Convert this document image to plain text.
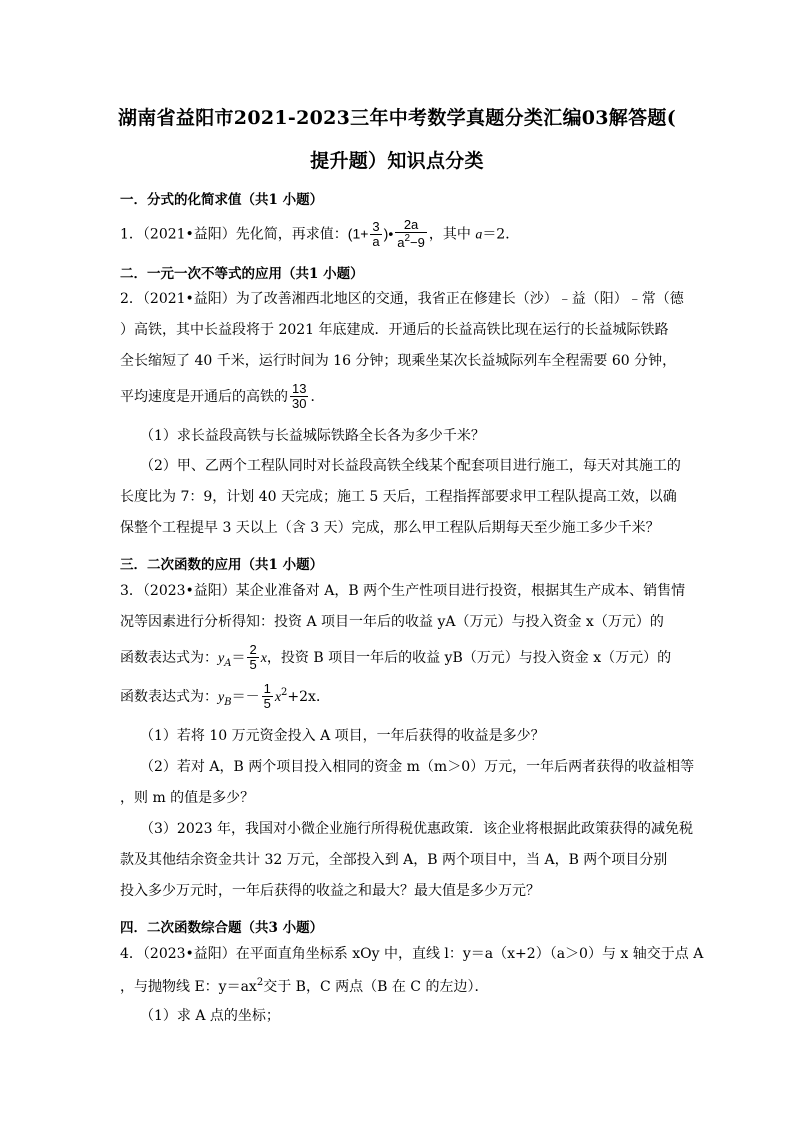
湖南省益阳市2021-2023三年中考数学真题分类汇编03解答题(
提升题）知识点分类
一．分式的化简求值（共1 小题）
1．（2021•益阳）先化简，再求值：($1+ \frac{3}{a}$ )• $\frac{2a}{a^2-9}$ ，其中 a＝2．
二．一元一次不等式的应用（共1 小题）
2．（2021•益阳）为了改善湘西北地区的交通，我省正在修建长（沙）﹣益（阳）﹣常（德
）高铁，其中长益段将于 2021 年底建成．开通后的长益高铁比现在运行的长益城际铁路
全长缩短了 40 千米，运行时间为 16 分钟；现乘坐某次长益城际列车全程需要 60 分钟，
平均速度是开通后的高铁的 $\frac{13}{30}$ ．
（1）求长益段高铁与长益城际铁路全长各为多少千米？
（2）甲、乙两个工程队同时对长益段高铁全线某个配套项目进行施工，每天对其施工的
长度比为 7：9，计划 40 天完成；施工 5 天后，工程指挥部要求甲工程队提高工效，以确
保整个工程提早 3 天以上（含 3 天）完成，那么甲工程队后期每天至少施工多少千米？
三．二次函数的应用（共1 小题）
3．（2023•益阳）某企业准备对 A，B 两个生产性项目进行投资，根据其生产成本、销售情
况等因素进行分析得知：投资 A 项目一年后的收益 yA（万元）与投入资金 x（万元）的
函数表达式为：$y_A= \frac{2}{5}$ x，投资 B 项目一年后的收益 yB（万元）与投入资金 x（万元）的
函数表达式为：$y_B=- \frac{1}{5} x^2+2x$．
（1）若将 10 万元资金投入 A 项目，一年后获得的收益是多少？
（2）若对 A，B 两个项目投入相同的资金 m（m＞0）万元，一年后两者获得的收益相等
，则 m 的值是多少？
（3）2023 年，我国对小微企业施行所得税优惠政策．该企业将根据此政策获得的减免税
款及其他结余资金共计 32 万元，全部投入到 A，B 两个项目中，当 A，B 两个项目分别
投入多少万元时，一年后获得的收益之和最大？最大值是多少万元？
四．二次函数综合题（共3 小题）
4．（2023•益阳）在平面直角坐标系 xOy 中，直线 l：y＝a（x+2）（a＞0）与 x 轴交于点 A
，与抛物线 E：$y=ax^2$交于 B，C 两点（B 在 C 的左边）．
（1）求 A 点的坐标；
